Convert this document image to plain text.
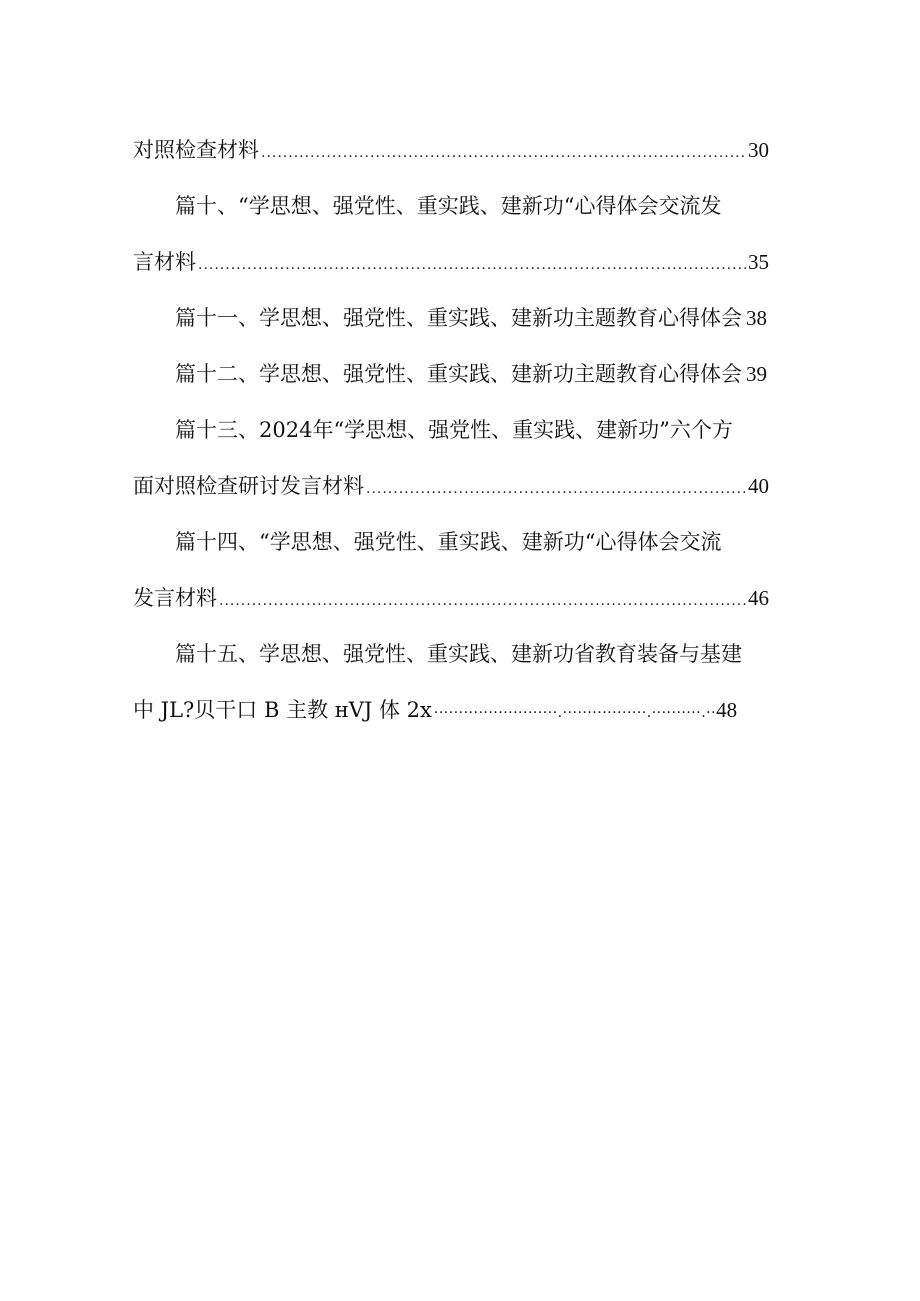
对照检查材料 .....	30
篇十、“学思想、强党性、重实践、建新功“心得体会交流发
言材料 .....	35
篇十一、学思想、强党性、重实践、建新功主题教育心得体会 38
篇十二、学思想、强党性、重实践、建新功主题教育心得体会 39
篇十三、2024年“学思想、强党性、重实践、建新功”六个方
面对照检查研讨发言材料 .....	40
篇十四、“学思想、强党性、重实践、建新功“心得体会交流
发言材料 .....	46
篇十五、学思想、强党性、重实践、建新功省教育装备与基建
中 JL?贝干口 B 主教 нVJ 体 2x ·························.·················.··········.·· 48
